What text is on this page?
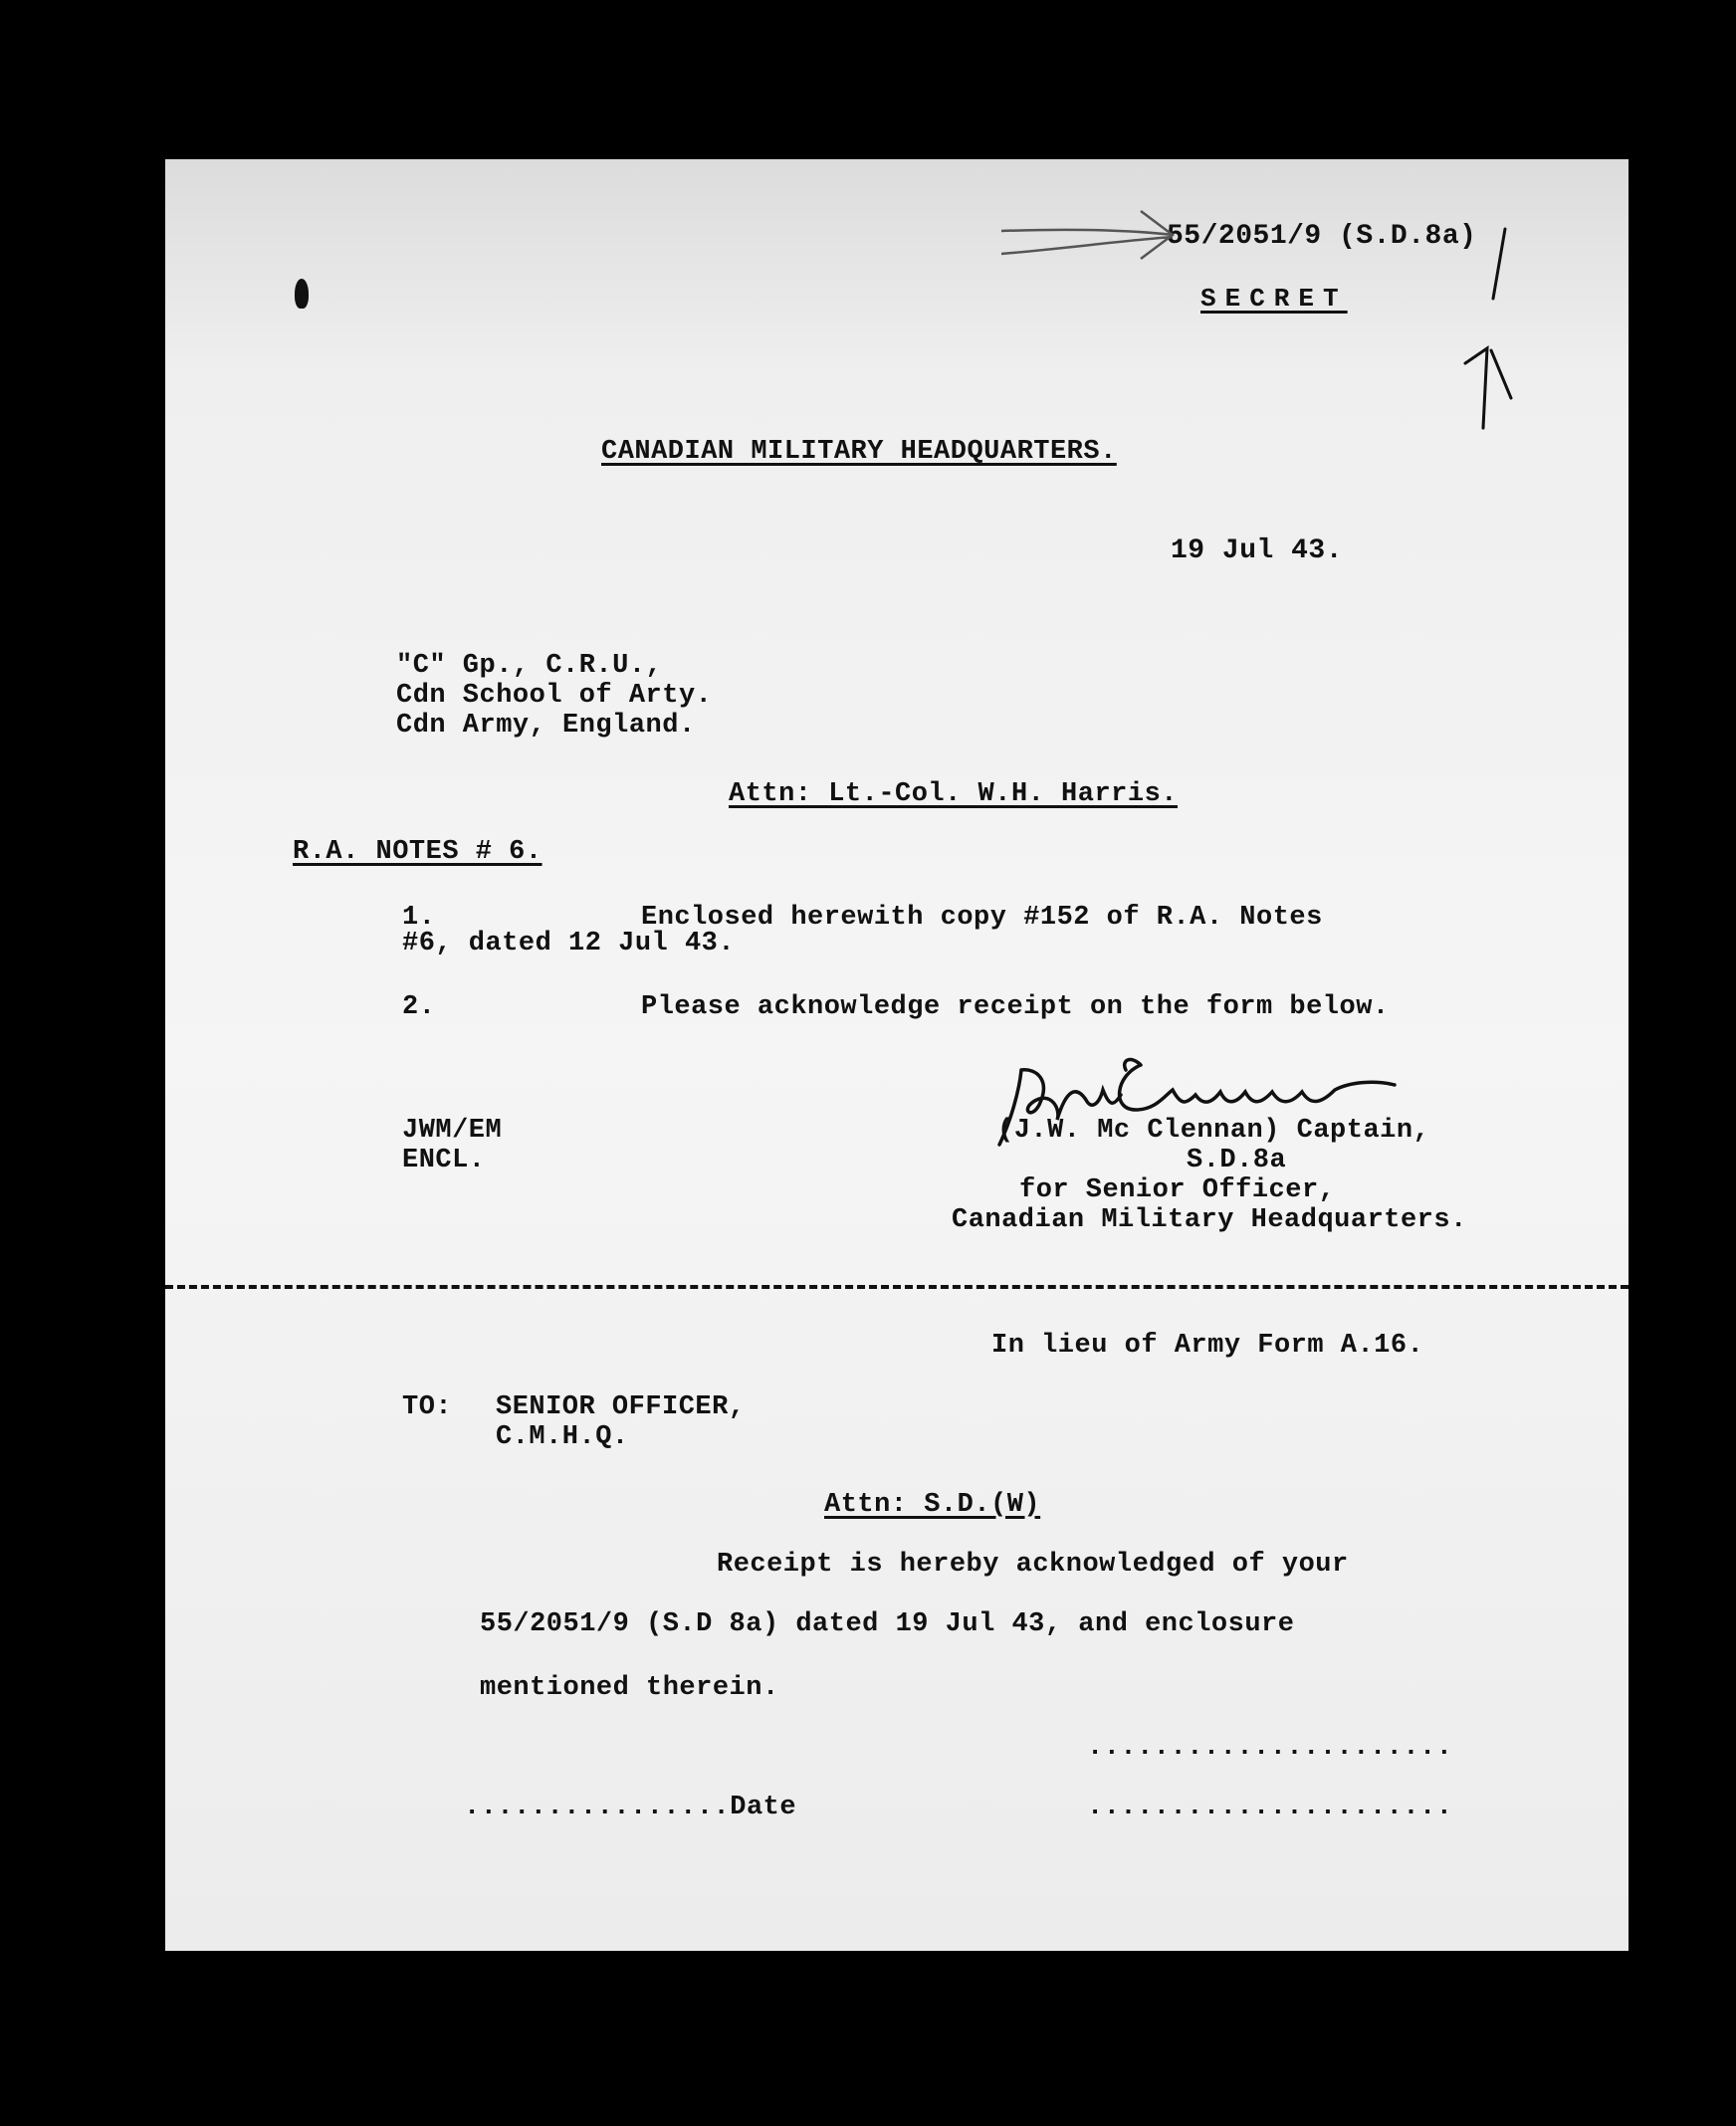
55/2051/9 (S.D.8a)
SECRET
CANADIAN MILITARY HEADQUARTERS.
19 Jul 43.
"C" Gp., C.R.U.,
Cdn School of Arty.
Cdn Army, England.
Attn: Lt.-Col. W.H. Harris.
R.A. NOTES # 6.
1.	Enclosed herewith copy #152 of R.A. Notes
#6, dated 12 Jul 43.
2.	Please acknowledge receipt on the form below.
JWM/EM
ENCL.
(J.W. Mc Clennan) Captain,
S.D.8a
for Senior Officer,
Canadian Military Headquarters.
In lieu of Army Form A.16.
TO: SENIOR OFFICER,
C.M.H.Q.
Attn: S.D.(W)
Receipt is hereby acknowledged of your
55/2051/9 (S.D 8a) dated 19 Jul 43, and enclosure
mentioned therein.
......................
................Date	......................
